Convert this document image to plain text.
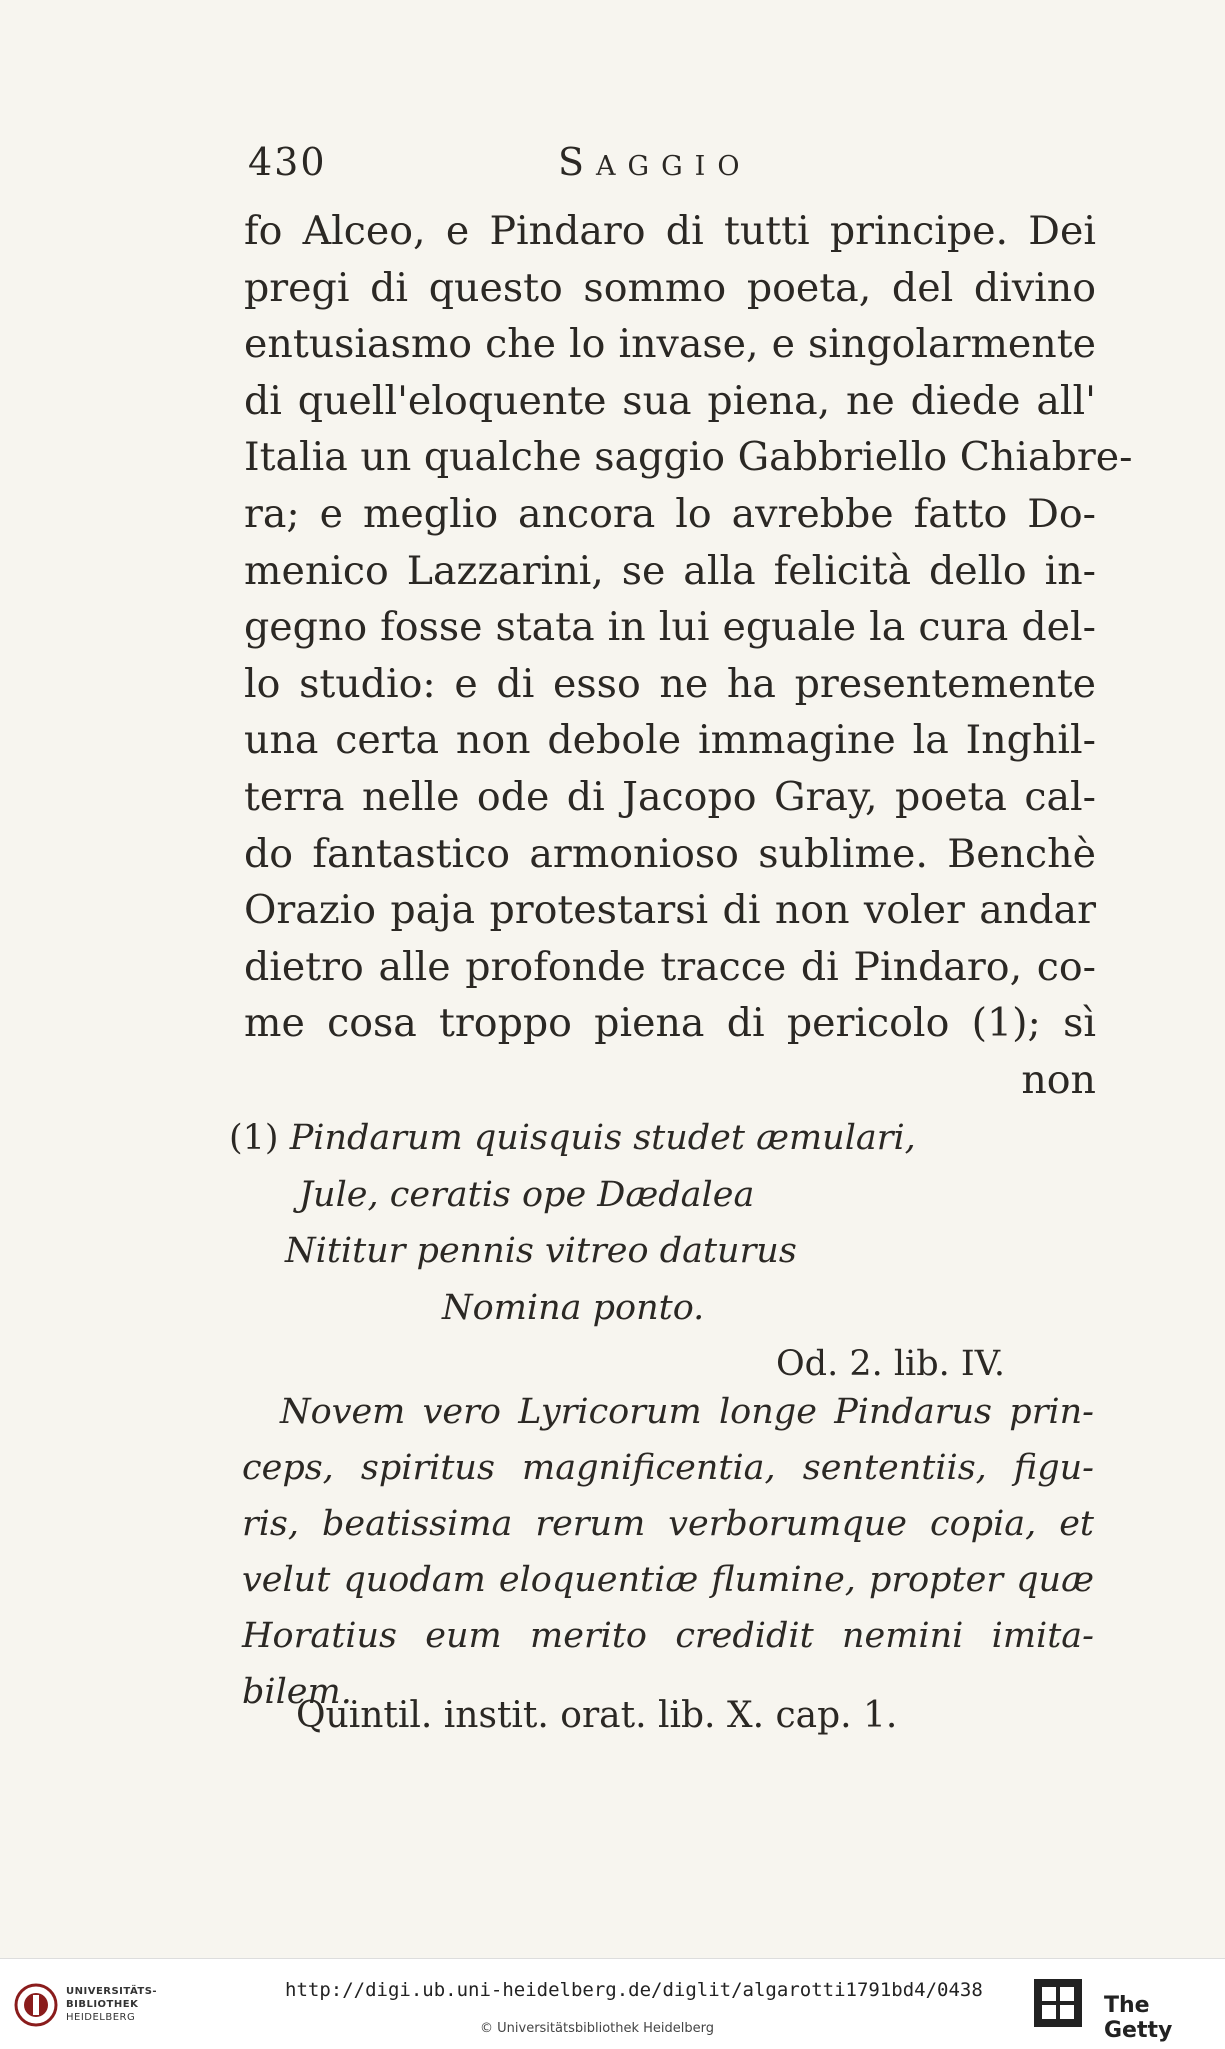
430	Saggio
fo Alceo, e Pindaro di tutti principe. Dei
pregi di questo sommo poeta, del divino
entusiasmo che lo invase, e singolarmente
di quell'eloquente sua piena, ne diede all'
Italia un qualche saggio Gabbriello Chiabre-
ra; e meglio ancora lo avrebbe fatto Do-
menico Lazzarini, se alla felicità dello in-
gegno fosse stata in lui eguale la cura del-
lo studio: e di esso ne ha presentemente
una certa non debole immagine la Inghil-
terra nelle ode di Jacopo Gray, poeta cal-
do fantastico armonioso sublime. Benchè
Orazio paja protestarsi di non voler andar
dietro alle profonde tracce di Pindaro, co-
me cosa troppo piena di pericolo (1); sì
non
(1) Pindarum quisquis studet æmulari,
Jule, ceratis ope Dædalea
Nititur pennis vitreo daturus
Nomina ponto.
Od. 2. lib. IV.
Novem vero Lyricorum longe Pindarus prin-
ceps, spiritus magnificentia, sententiis, figu-
ris, beatissima rerum verborumque copia, et
velut quodam eloquentiæ flumine, propter quæ
Horatius eum merito credidit nemini imita-
bilem.
Quintil. instit. orat. lib. X. cap. 1.
UNIVERSITÄTS-
BIBLIOTHEK
HEIDELBERG
http://digi.ub.uni-heidelberg.de/diglit/algarotti1791bd4/0438
© Universitätsbibliothek Heidelberg
The Getty
